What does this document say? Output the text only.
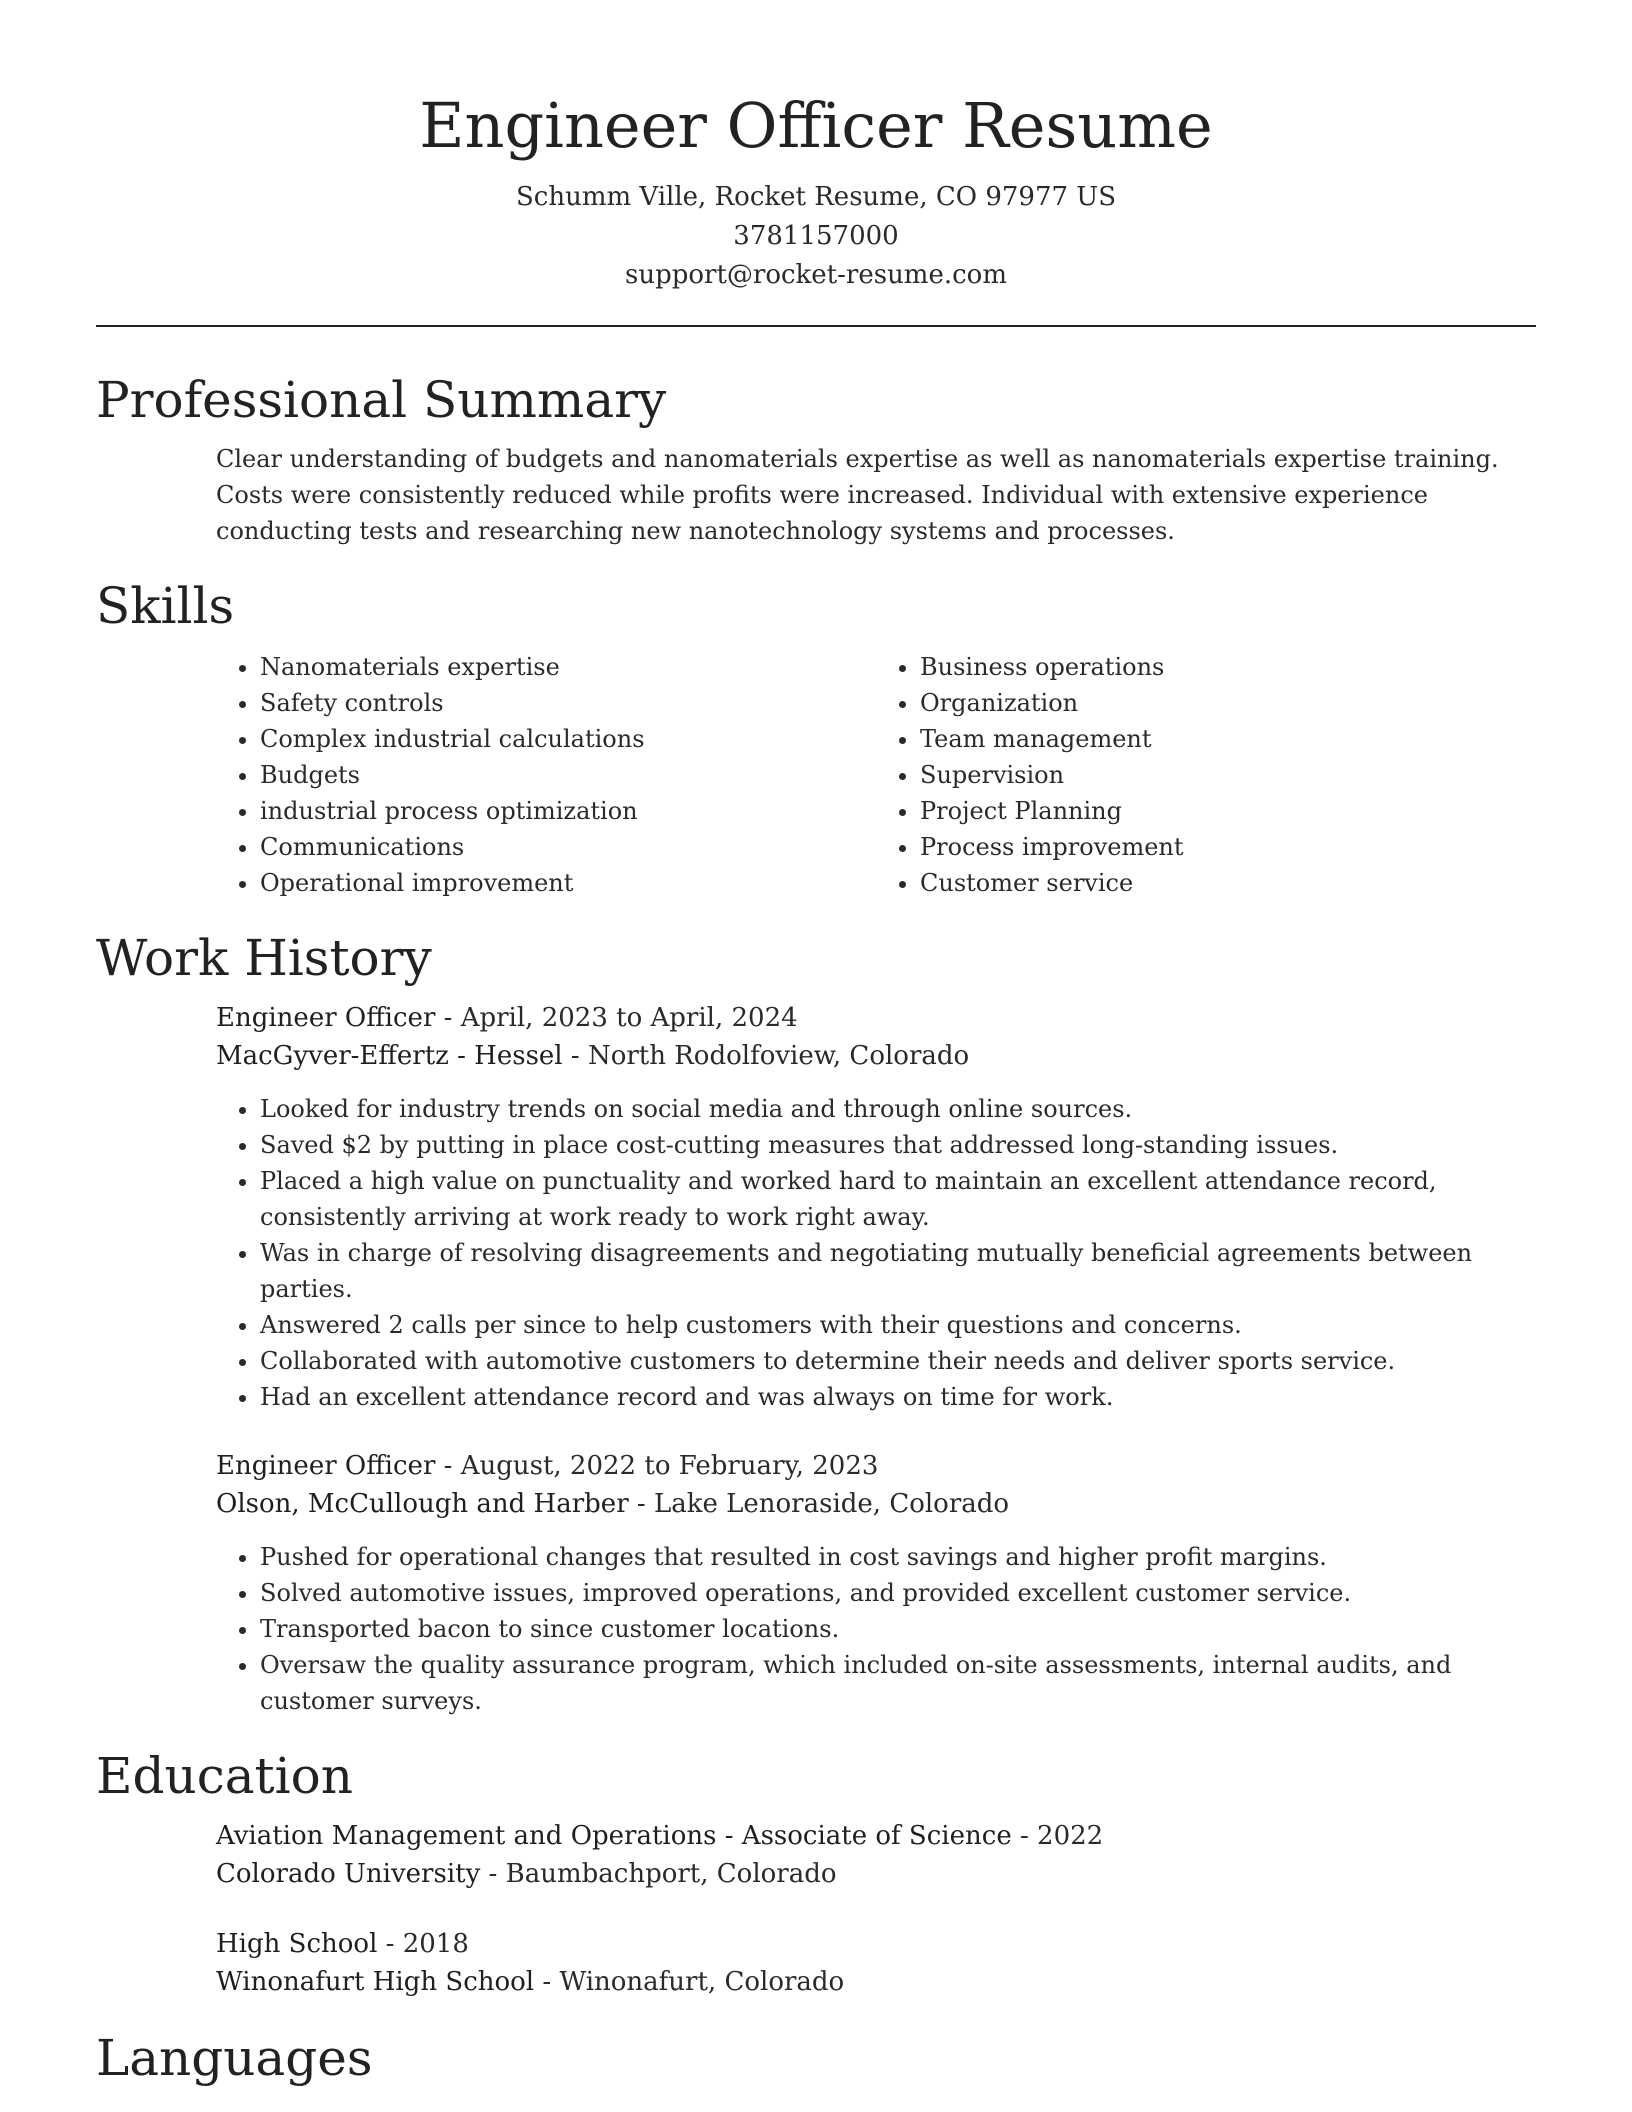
Engineer Officer Resume
Schumm Ville, Rocket Resume, CO 97977 US
3781157000
support@rocket-resume.com
Professional Summary
Clear understanding of budgets and nanomaterials expertise as well as nanomaterials expertise training. Costs were consistently reduced while profits were increased. Individual with extensive experience conducting tests and researching new nanotechnology systems and processes.
Skills
• Nanomaterials expertise
• Safety controls
• Complex industrial calculations
• Budgets
• industrial process optimization
• Communications
• Operational improvement
• Business operations
• Organization
• Team management
• Supervision
• Project Planning
• Process improvement
• Customer service
Work History
Engineer Officer - April, 2023 to April, 2024
MacGyver-Effertz - Hessel - North Rodolfoview, Colorado
• Looked for industry trends on social media and through online sources.
• Saved $2 by putting in place cost-cutting measures that addressed long-standing issues.
• Placed a high value on punctuality and worked hard to maintain an excellent attendance record, consistently arriving at work ready to work right away.
• Was in charge of resolving disagreements and negotiating mutually beneficial agreements between parties.
• Answered 2 calls per since to help customers with their questions and concerns.
• Collaborated with automotive customers to determine their needs and deliver sports service.
• Had an excellent attendance record and was always on time for work.
Engineer Officer - August, 2022 to February, 2023
Olson, McCullough and Harber - Lake Lenoraside, Colorado
• Pushed for operational changes that resulted in cost savings and higher profit margins.
• Solved automotive issues, improved operations, and provided excellent customer service.
• Transported bacon to since customer locations.
• Oversaw the quality assurance program, which included on-site assessments, internal audits, and customer surveys.
Education
Aviation Management and Operations - Associate of Science - 2022
Colorado University - Baumbachport, Colorado
High School - 2018
Winonafurt High School - Winonafurt, Colorado
Languages
